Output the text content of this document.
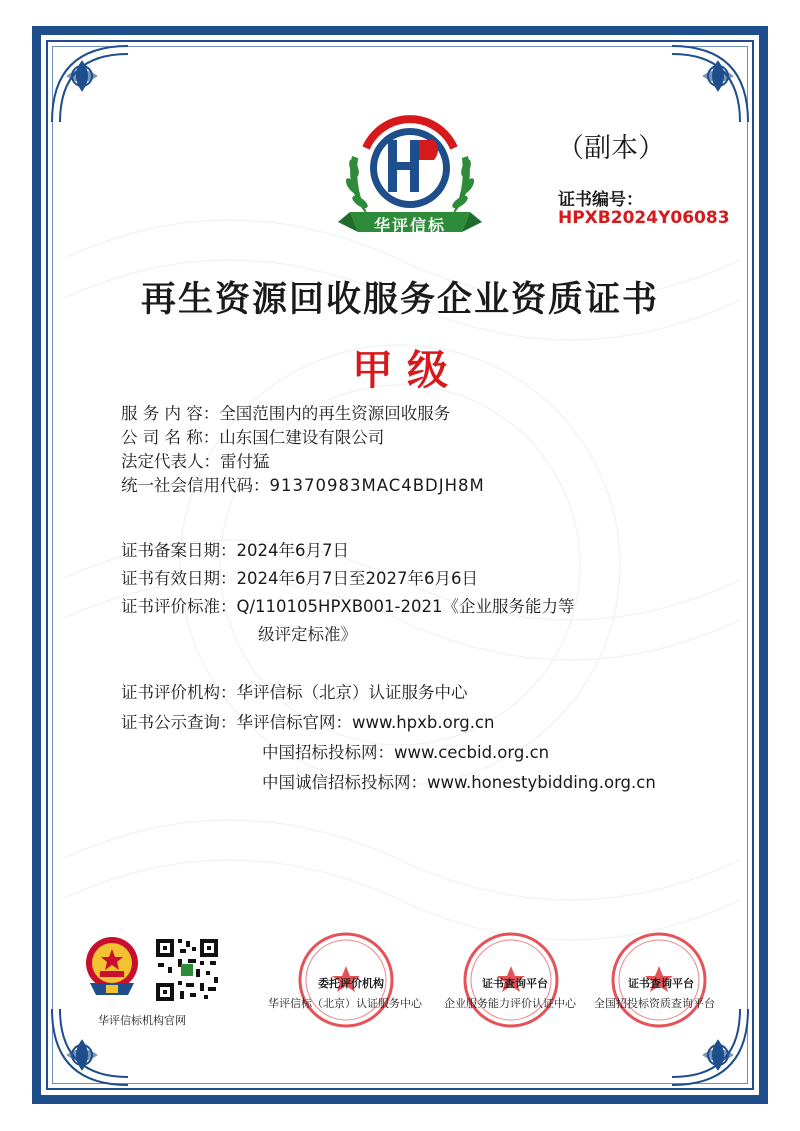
华评信标
（副本）
证书编号：
HPXB2024Y06083
再生资源回收服务企业资质证书
甲级
服 务 内 容：全国范围内的再生资源回收服务
公 司 名 称：山东国仁建设有限公司
法定代表人：雷付猛
统一社会信用代码：91370983MAC4BDJH8M
证书备案日期：2024年6月7日
证书有效日期：2024年6月7日至2027年6月6日
证书评价标准：Q/110105HPXB001-2021《企业服务能力等
级评定标准》
证书评价机构：华评信标（北京）认证服务中心
证书公示查询：华评信标官网：www.hpxb.org.cn
中国招标投标网：www.cecbid.org.cn
中国诚信招标投标网：www.honestybidding.org.cn
华评信标机构官网
委托评价机构
华评信标（北京）认证服务中心
证书查询平台
企业服务能力评价认证中心
证书查询平台
全国招投标资质查询平台
